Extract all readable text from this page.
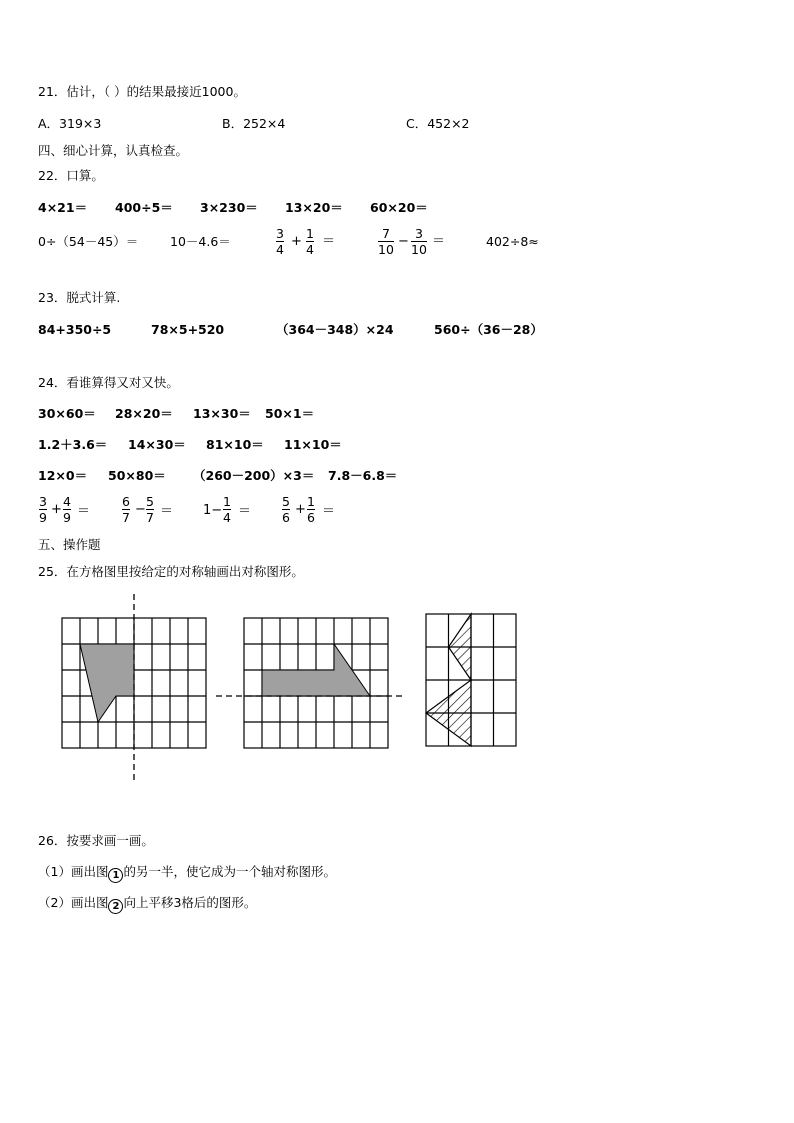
21．估计，（ ）的结果最接近1000。
A．319×3	B．252×4	C．452×2
四、细心计算，认真检查。
22．口算。
4×21＝ 400÷5＝ 3×230＝ 13×20＝ 60×20＝
0÷（54－45）＝	10－4.6＝
3
4
+
1
4
＝
7
10
−
3
10
＝	402÷8≈
23．脱式计算.
84+350÷5	78×5+520	（364－348）×24	560÷（36－28）
24．看谁算得又对又快。
30×60＝ 28×20＝ 13×30＝ 50×1＝
1.2＋3.6＝ 14×30＝ 81×10＝ 11×10＝
12×0＝ 50×80＝ （260－200）×3＝ 7.8－6.8＝
3
9
+
4
9 ＝
6
7
−
5
7 ＝ 1−
1
4 ＝
5
6
+
1
6 ＝
五、操作题
25．在方格图里按给定的对称轴画出对称图形。
26．按要求画一画。
（1）画出图 1 的另一半，使它成为一个轴对称图形。
（2）画出图 2 向上平移3格后的图形。
